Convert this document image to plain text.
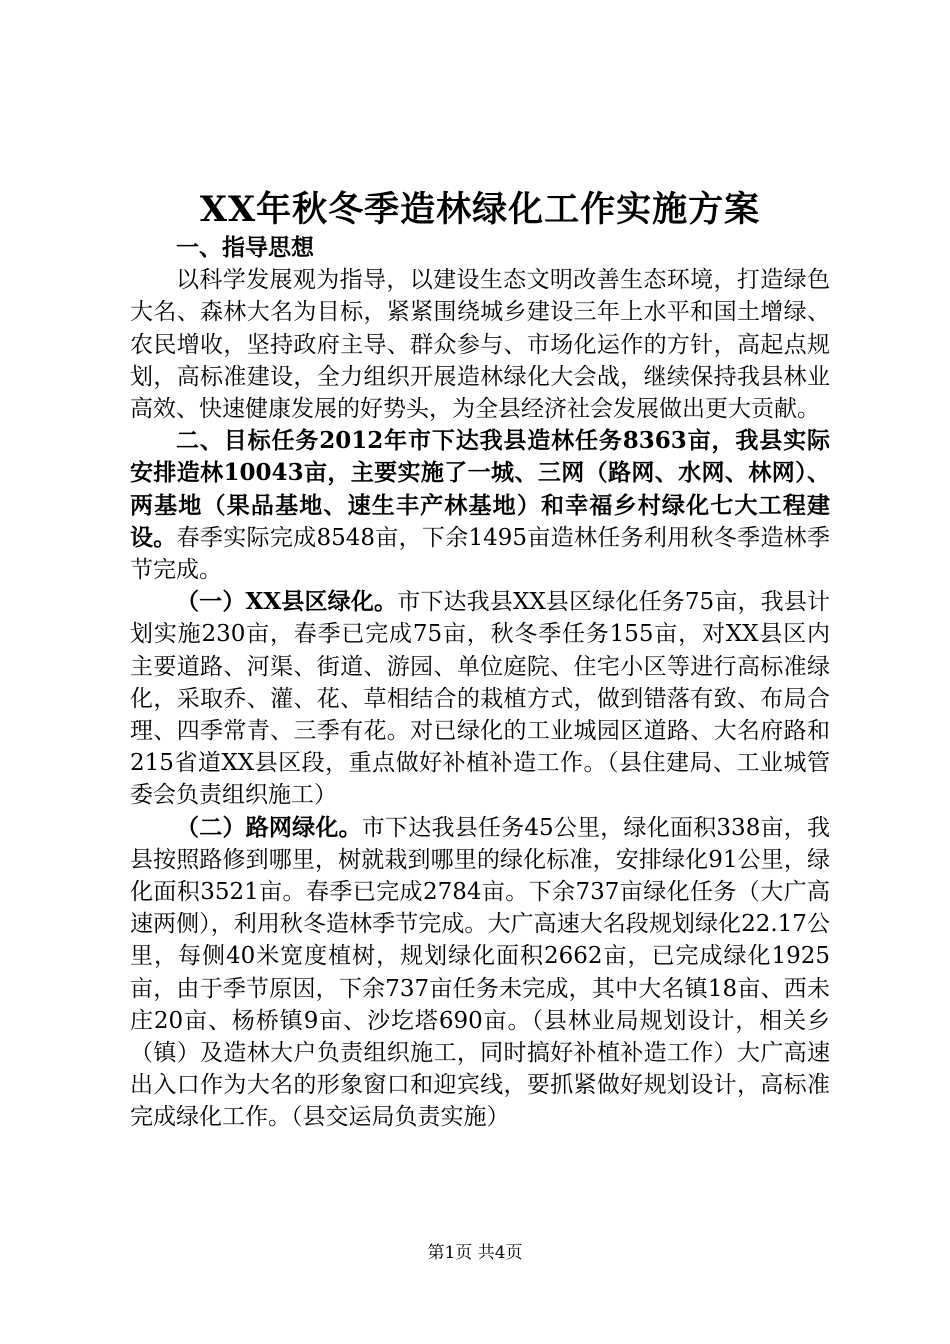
XX年秋冬季造林绿化工作实施方案

一、指导思想

以科学发展观为指导，以建设生态文明改善生态环境，打造绿色大名、森林大名为目标，紧紧围绕城乡建设三年上水平和国土增绿、农民增收，坚持政府主导、群众参与、市场化运作的方针，高起点规划，高标准建设，全力组织开展造林绿化大会战，继续保持我县林业高效、快速健康发展的好势头，为全县经济社会发展做出更大贡献。

二、目标任务2012年市下达我县造林任务8363亩，我县实际安排造林10043亩，主要实施了一城、三网（路网、水网、林网）、两基地（果品基地、速生丰产林基地）和幸福乡村绿化七大工程建设。春季实际完成8548亩，下余1495亩造林任务利用秋冬季造林季节完成。

（一）XX县区绿化。市下达我县XX县区绿化任务75亩，我县计划实施230亩，春季已完成75亩，秋冬季任务155亩，对XX县区内主要道路、河渠、街道、游园、单位庭院、住宅小区等进行高标准绿化，采取乔、灌、花、草相结合的栽植方式，做到错落有致、布局合理、四季常青、三季有花。对已绿化的工业城园区道路、大名府路和215省道XX县区段，重点做好补植补造工作。（县住建局、工业城管委会负责组织施工）

（二）路网绿化。市下达我县任务45公里，绿化面积338亩，我县按照路修到哪里，树就栽到哪里的绿化标准，安排绿化91公里，绿化面积3521亩。春季已完成2784亩。下余737亩绿化任务（大广高速两侧），利用秋冬造林季节完成。大广高速大名段规划绿化22.17公里，每侧40米宽度植树，规划绿化面积2662亩，已完成绿化1925亩，由于季节原因，下余737亩任务未完成，其中大名镇18亩、西未庄20亩、杨桥镇9亩、沙圪塔690亩。（县林业局规划设计，相关乡（镇）及造林大户负责组织施工，同时搞好补植补造工作）大广高速出入口作为大名的形象窗口和迎宾线，要抓紧做好规划设计，高标准完成绿化工作。（县交运局负责实施）

第1页 共4页
